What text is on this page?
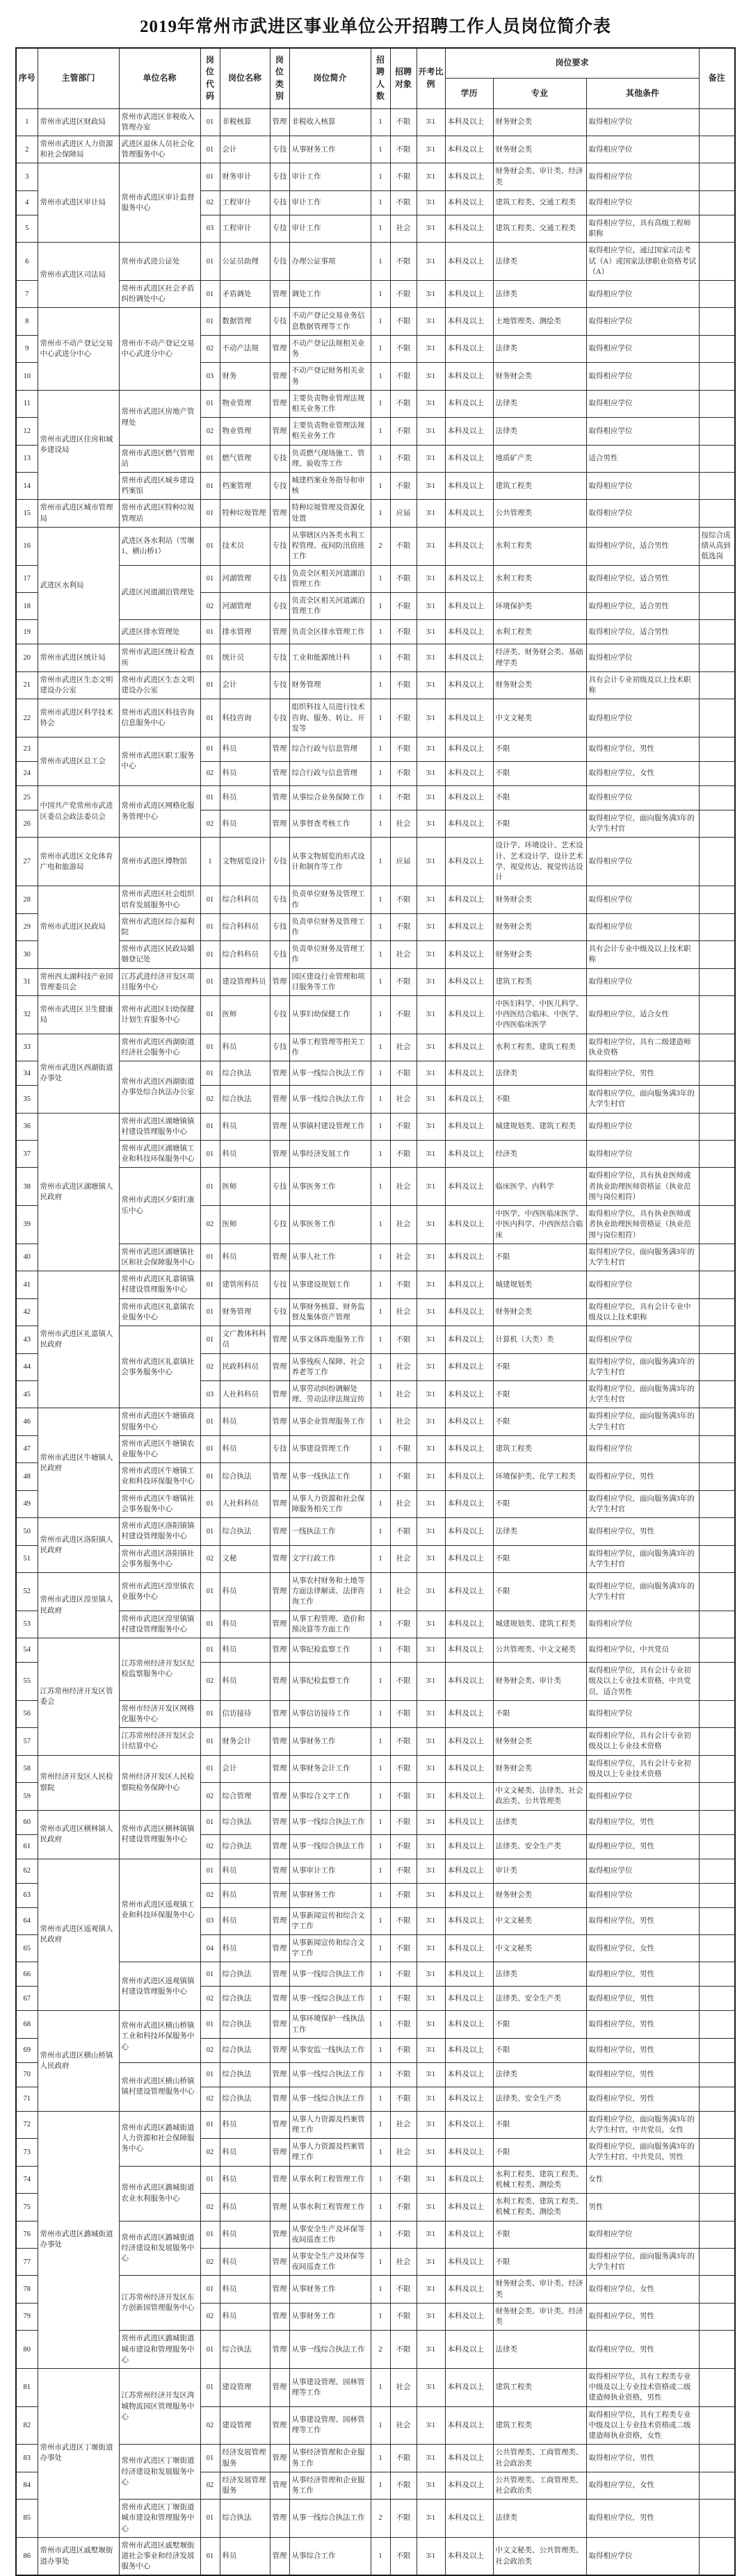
2019年常州市武进区事业单位公开招聘工作人员岗位简介表
序号	主管部门	单位名称	岗位代码	岗位名称	岗位类别	岗位简介	招聘人数	招聘对象	开考比例	岗位要求			备注
										学历	专业	其他条件	
1	常州市武进区财政局	常州市武进区非税收入管理办室	01	非税核算	管理	非税收入核算	1	不限	3∶1	本科及以上	财务财会类	取得相应学位	
2	常州市武进区人力资源和社会保障局	武进区退休人员社会化管理服务中心	01	会计	专技	从事财务工作	1	不限	3∶1	本科及以上	财务财会类	取得相应学位	
3	常州市武进区审计局	常州市武进区审计监督服务中心	01	财务审计	专技	审计工作	1	不限	3∶1	本科及以上	财务财会类、审计类、经济类	取得相应学位	
4			02	工程审计	专技	审计工作	1	不限	3∶1	本科及以上	建筑工程类、交通工程类	取得相应学位	
5			03	工程审计	专技	审计工作	1	社会	3∶1	本科及以上	建筑工程类、交通工程类	取得相应学位，具有高级工程师职称	
6	常州市武进区司法局	常州市武进公证处	01	公证员助理	专技	办理公证事项	1	不限	3∶1	本科及以上	法律类	取得相应学位，通过国家司法考试（A）或国家法律职业资格考试（A）	
7		常州市武进区社会矛盾纠纷调处中心	01	矛盾调处	管理	调处工作	1	不限	3∶1	本科及以上	法律类	取得相应学位	
8	常州市不动产登记交易中心武进分中心	常州市不动产登记交易中心武进分中心	01	数据管理	专技	不动产登记交易业务信息数据管理等工作	1	不限	3∶1	本科及以上	土地管理类、测绘类	取得相应学位	
9			02	不动产法规	管理	不动产登记法规相关业务	1	不限	3∶1	本科及以上	法律类	取得相应学位	
10			03	财务	管理	不动产登记财务相关业务	1	不限	3∶1	本科及以上	财务财会类	取得相应学位	
11	常州市武进区住房和城乡建设局	常州市武进区房地产管理处	01	物业管理	管理	主要负责物业管理法规相关业务工作	1	不限	3∶1	本科及以上	法律类	取得相应学位	
12			02	物业管理	管理	主要负责物业管理法规相关业务工作	1	不限	3∶1	本科及以上	法律类	取得相应学位	
13		常州市武进区燃气管理站	01	燃气管理	专技	负责燃气现场施工、管理、验收等工作	1	不限	3∶1	本科及以上	地质矿产类	适合男性	
14		常州市武进区城乡建设档案馆	01	档案管理	专技	城建档案业务指导和审核	1	不限	3∶1	本科及以上	建筑工程类	取得相应学位	
15	常州市武进区城市管理局	常州市武进区特种垃圾管理站	01	特种垃圾管理	管理	特种垃圾管理及资源化处置	1	应届	3∶1	本科及以上	公共管理类	取得相应学位	
16	武进区水利局	武进区各水利站（雪堰1、横山桥1）	01	技术员	专技	从事辖区内各类水利工程管理、夜间防汛值班工作	2	不限	3∶1	本科及以上	水利工程类	取得相应学位，适合男性	按综合成绩从高到低选岗
17		武进区河道湖泊管理处	01	河湖管理	专技	负责全区相关河道湖泊管理工作	1	不限	3∶1	本科及以上	水利工程类	取得相应学位，适合男性	
18			02	河湖管理	专技	负责全区相关河道湖泊管理工作	1	不限	3∶1	本科及以上	环境保护类	取得相应学位，适合男性	
19		武进区排水管理处	01	排水管理	管理	负责全区排水管理工作	1	不限	3∶1	本科及以上	水利工程类	取得相应学位，适合男性	
20	常州市武进区统计局	常州市武进区统计检查所	01	统计员	专技	工业和能源统计科	1	不限	3∶1	本科及以上	经济类、财务财会类、基础理学类	取得相应学位	
21	常州市武进区生态文明建设办公室	常州市武进区生态文明建设办公室	01	会计	专技	财务管理	1	不限	3∶1	本科及以上	财务财会类	具有会计专业初级及以上技术职称	
22	常州市武进区科学技术协会	常州市武进区科技咨询信息服务中心	01	科技咨询	专技	组织科技人员进行技术咨询、服务、转让、开发等	1	不限	3∶1	本科及以上	中文文秘类	取得相应学位	
23	常州市武进区总工会	常州市武进区职工服务中心	01	科员	管理	综合行政与信息管理	1	不限	3∶1	本科及以上	不限	取得相应学位，男性	
24			02	科员	管理	综合行政与信息管理	1	不限	3∶1	本科及以上	不限	取得相应学位，女性	
25	中国共产党常州市武进区委员会政法委员会	常州市武进区网格化服务管理中心	01	科员	管理	从事综合业务保障工作	1	不限	3∶1	本科及以上	不限	取得相应学位	
26			02	科员	管理	从事督查考核工作	1	社会	3∶1	本科及以上	不限	取得相应学位，面向服务满3年的大学生村官	
27	常州市武进区文化体育广电和旅游局	常州市武进区博物馆	1	文物展览设计	专技	从事文物展览的形式设计和制作等工作	1	应届	3∶1	本科及以上	设计学、环境设计、艺术设计、艺术设计学、设计艺术学、视觉传达、视觉传达设计	取得相应学位	
28	常州市武进区民政局	常州市武进区社会组织培育发展服务中心	01	综合科科员	专技	负责单位财务及管理工作	1	不限	3∶1	本科及以上	财务财会类	取得相应学位	
29		常州市武进区综合福利院	01	综合科科员	专技	负责单位财务及管理工作	1	不限	3∶1	本科及以上	财务财会类	取得相应学位	
30		常州市武进区民政局婚姻登记处	01	综合科科员	专技	负责单位财务及管理工作	1	社会	3∶1	本科及以上	财务财会类	具有会计专业中级及以上技术职称	
31	常州西太湖科技产业园管理委员会	江苏武进经济开发区项目服务中心	01	建设管理科员	管理	园区建设行业管理和项目服务等工作	1	不限	3∶1	本科及以上	建筑工程类	取得相应学位	
32	常州市武进区卫生健康局	常州市武进区妇幼保健计划生育服务中心	01	医师	专技	从事妇幼保健工作	1	不限	3∶1	本科及以上	中医妇科学、中医儿科学、中西医结合临床、中医学、中西医临床医学	取得相应学位，适合女性	
33	常州市武进区西湖街道办事处	常州市武进区西湖街道经济社会服务中心	01	科员	专技	从事工程管理等相关工作	1	社会	3∶1	本科及以上	水利工程类、建筑工程类	取得相应学位，具有二级建造师执业资格	
34		常州市武进区西湖街道办事处综合执法办公室	01	综合执法	管理	从事一线综合执法工作	1	不限	3∶1	本科及以上	法律类	取得相应学位，男性	
35			02	综合执法	管理	从事一线综合执法工作	1	社会	3∶1	本科及以上	不限	取得相应学位，面向服务满3年的大学生村官	
36	常州市武进区湖塘镇人民政府	常州市武进区湖塘镇镇村建设管理服务中心	01	科员	管理	从事镇村建设管理工作	1	不限	3∶1	本科及以上	城建规划类、建筑工程类	取得相应学位	
37		常州市武进区湖塘镇工业和科技环保服务中心	01	科员	管理	从事经济发展工作	1	不限	3∶1	本科及以上	经济类	取得相应学位	
38		常州市武进区夕阳红康乐中心	01	医师	专技	从事医务工作	1	社会	3∶1	本科及以上	临床医学、内科学	取得相应学位，具有执业医师或者执业助理医师资格证（执业范围与岗位相符）	
39			02	医师	专技	从事医务工作	1	社会	3∶1	本科及以上	中医学、中西医临床医学、中医内科学、中西医结合临床	取得相应学位，具有执业医师或者执业助理医师资格证（执业范围与岗位相符）	
40		常州市武进区湖塘镇社区和社会保障服务中心	01	科员	管理	从事人社工作	1	社会	3∶1	本科及以上	不限	取得相应学位，面向服务满3年的大学生村官	
41	常州市武进区礼嘉镇人民政府	常州市武进区礼嘉镇镇村建设管理服务中心	01	建管所科员	专技	从事建设规划工作	1	不限	3∶1	本科及以上	城建规划类	取得相应学位	
42		常州市武进区礼嘉镇农业服务中心	01	财务管理	专技	从事财务核算、财务监督及集体资产管理	1	社会	3∶1	本科及以上	财务财会类	取得相应学位，具有会计专业中级及以上技术职称	
43		常州市武进区礼嘉镇社会事务服务中心	01	文广教体科科员	管理	从事文体阵地服务工作	1	不限	3∶1	本科及以上	计算机（大类）类	取得相应学位	
44			02	民政科科员	管理	从事残疾人保障、社会养老等工作	1	社会	3∶1	本科及以上	不限	取得相应学位，面向服务满3年的大学生村官	
45			03	人社科科员	管理	从事劳动纠纷调解处理、劳动法律法规宣传	1	社会	3∶1	本科及以上	不限	取得相应学位，面向服务满3年的大学生村官	
46	常州市武进区牛塘镇人民政府	常州市武进区牛塘镇商贸服务中心	01	科员	管理	从事企业管理服务工作	1	社会	3∶1	本科及以上	不限	取得相应学位，面向服务满3年的大学生村官	
47		常州市武进区牛塘镇农业服务中心	01	科员	专技	从事建设管理工作	1	不限	3∶1	本科及以上	建筑工程类	取得相应学位	
48		常州市武进区牛塘镇工业和科技环保服务中心	01	综合执法	管理	从事一线执法工作	1	不限	3∶1	本科及以上	环境保护类、化学工程类	取得相应学位，男性	
49		常州市武进区牛塘镇社会事务服务中心	01	人社科科员	管理	从事人力资源和社会保障服务相关工作	1	社会	3∶1	本科及以上	不限	取得相应学位，面向服务满3年的大学生村官	
50	常州市武进区洛阳镇人民政府	常州市武进区洛阳镇镇村建设管理服务中心	01	综合执法	管理	一线执法工作	1	不限	3∶1	本科及以上	法律类	取得相应学位，男性	
51		常州市武进区洛阳镇社会事务服务中心	02	文秘	管理	文字行政工作	1	社会	3∶1	本科及以上	不限	取得相应学位，面向服务满3年的大学生村官	
52	常州市武进区湟里镇人民政府	常州市武进区湟里镇农业服务中心	01	科员	管理	从事农村财务和土地等方面法律解读、法律咨询工作	1	社会	3∶1	本科及以上	不限	取得相应学位，面向服务满3年的大学生村官	
53		常州市武进区湟里镇镇村建设管理服务中心	01	科员	管理	从事工程管理、造价和预决算等方面工作	1	不限	3∶1	本科及以上	城建规划类、建筑工程类	取得相应学位	
54	江苏常州经济开发区管委会	江苏常州经济开发区纪检监察服务中心	01	科员	管理	从事纪检监察工作	1	不限	3∶1	本科及以上	公共管理类、中文文秘类	取得相应学位，中共党员	
55			02	科员	管理	从事纪检监察工作	1	不限	3∶1	本科及以上	财务财会类、审计类	取得相应学位，具有会计专业初级及以上专业技术资格，中共党员，适合男性	
56		常州市经济开发区网格化服务中心	01	信访接待	管理	从事信访接待工作	1	不限	3∶1	本科及以上	不限	取得相应学位	
57		江苏常州经济开发区会计结算中心	01	财务会计	管理	从事财务工作	1	不限	3∶1	本科及以上	财务财会类	取得相应学位，具有会计专业初级及以上专业技术资格	
58	常州经济开发区人民检察院	常州经济开发区人民检察院检务保障中心	01	会计	管理	从事财务会计工作	1	不限	3∶1	本科及以上	财务财会类	取得相应学位，具有会计专业初级及以上专业技术资格	
59			02	综合管理	管理	从事综合文字工作	1	不限	3∶1	本科及以上	中文文秘类、法律类、社会政治类、公共管理类	取得相应学位	
60	常州市武进区横林镇人民政府	常州市武进区横林镇镇村建设管理服务中心	01	综合执法	管理	从事一线综合执法工作	1	不限	3∶1	本科及以上	法律类	取得相应学位，男性	
61			02	综合执法	管理	从事一线综合执法工作	1	不限	3∶1	本科及以上	法律类、安全生产类	取得相应学位，男性	
62	常州市武进区遥观镇人民政府	常州市武进区遥观镇工业和科技环保服务中心	01	科员	管理	从事审计工作	1	不限	3∶1	本科及以上	审计类	取得相应学位	
63			02	科员	管理	从事财务工作	1	不限	3∶1	本科及以上	财务财会类	取得相应学位	
64			03	科员	管理	从事新闻宣传和综合文字工作	1	不限	3∶1	本科及以上	中文文秘类	取得相应学位，男性	
65			04	科员	管理	从事新闻宣传和综合文字工作	1	不限	3∶1	本科及以上	中文文秘类	取得相应学位，女性	
66		常州市武进区遥观镇镇村建设管理服务中心	01	综合执法	管理	从事一线综合执法工作	1	不限	3∶1	本科及以上	法律类	取得相应学位，男性	
67			02	综合执法	管理	从事一线综合执法工作	1	不限	3∶1	本科及以上	法律类、安全生产类	取得相应学位，男性	
68	常州市武进区横山桥镇人民政府	常州市武进区横山桥镇工业和科技环保服务中心	01	综合执法	管理	从事环境保护一线执法工作	1	不限	3∶1	本科及以上	不限	取得相应学位，男性	
69			02	综合执法	管理	从事安监一线执法工作	1	不限	3∶1	本科及以上	不限	取得相应学位，男性	
70		常州市武进区横山桥镇镇村建设管理服务中心	01	综合执法	管理	从事一线综合执法工作	1	不限	3∶1	本科及以上	法律类	取得相应学位，男性	
71			02	综合执法	管理	从事一线综合执法工作	1	不限	3∶1	本科及以上	法律类、安全生产类	取得相应学位，男性	
72	常州市武进区潞城街道办事处	常州市武进区潞城街道人力资源和社会保障服务中心	01	科员	管理	从事人力资源及档案管理工作	1	社会	3∶1	本科及以上	不限	取得相应学位，面向服务满3年的大学生村官，中共党员，女性	
73			02	科员	管理	从事人力资源及档案管理工作	1	社会	3∶1	本科及以上	不限	取得相应学位，面向服务满3年的大学生村官，中共党员，男性	
74		常州市武进区潞城街道农业水利服务中心	01	科员	管理	从事水利工程管理工作	1	不限	3∶1	本科及以上	水利工程类、建筑工程类、机械工程类、测绘类	女性	
75			02	科员	管理	从事水利工程管理工作	1	不限	3∶1	本科及以上	水利工程类、建筑工程类、机械工程类、测绘类	男性	
76		常州市武进区潞城街道经济建设和发展服务中心	01	科员	管理	从事安全生产及环保等夜间巡查工作	1	不限	3∶1	本科及以上	不限	取得相应学位	
77			02	科员	管理	从事安全生产及环保等夜间巡查工作	1	社会	3∶1	本科及以上	不限	取得相应学位，面向服务满3年的大学生村官	
78		江苏常州经济开发区东方创新园管理服务中心	01	科员	管理	从事财务工作	1	不限	3∶1	本科及以上	财务财会类、审计类、经济类	取得相应学位，女性	
79			02	科员	管理	从事财务工作	1	不限	3∶1	本科及以上	财务财会类、审计类、经济类	取得相应学位，男性	
80		常州市武进区潞城街道城市建设和管理服务中心	01	综合执法	管理	从事一线综合执法工作	2	不限	3∶1	本科及以上	法律类	取得相应学位，男性	
81	常州市武进区丁堰街道办事处	江苏常州经济开发区湾城物流园区管理服务中心	01	建设管理	管理	从事建设管理、园林管理等工作	1	社会	3∶1	本科及以上	建筑工程类	取得相应学位，具有工程类专业中级及以上专业技术资格或二级建造师执业资格，男性	
82			02	建设管理	管理	从事建设管理、园林管理等工作	1	社会	3∶1	本科及以上	建筑工程类	取得相应学位，具有工程类专业中级及以上专业技术资格或二级建造师执业资格，女性	
83		常州市武进区丁堰街道经济建设和发展服务中心	01	经济发展管理服务	管理	从事经济管理和企业服务工作	1	不限	3∶1	本科及以上	公共管理类、工商管理类、社会政治类	取得相应学位，男性	
84			02	经济发展管理服务	管理	从事经济管理和企业服务工作	1	不限	3∶1	本科及以上	公共管理类、工商管理类、社会政治类	取得相应学位，女性	
85		常州市武进区丁堰街道城市建设和管理服务中心	01	综合执法	管理	从事一线综合执法工作	2	不限	3∶1	本科及以上	法律类	取得相应学位，男性	
86	常州市武进区戚墅堰街道办事处	常州市武进区戚墅堰街道社会事业和经济发展服务中心	01	科员	管理	从事综合工作	1	不限	3∶1	本科及以上	中文文秘类、公共管理类、社会政治类	取得相应学位	
